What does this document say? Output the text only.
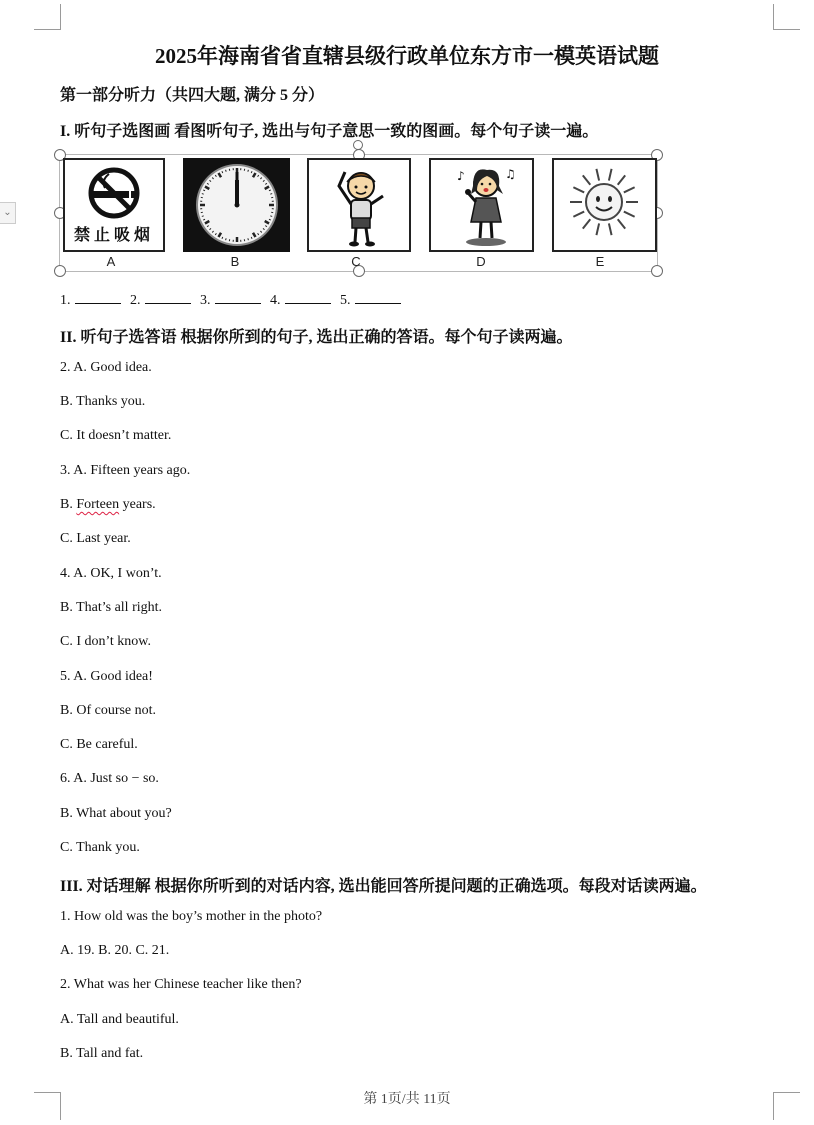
⌄
2025年海南省省直辖县级行政单位东方市一模英语试题
第一部分听力（共四大题, 满分 5 分）
I. 听句子选图画 看图听句子, 选出与句子意思一致的图画。每个句子读一遍。
禁止吸烟
♪	♫
A	B	C	D	E
1.	2.	3.	4.	5.
II. 听句子选答语 根据你所到的句子, 选出正确的答语。每个句子读两遍。
2. A. Good idea.
B. Thanks you.
C. It doesn’t matter.
3. A. Fifteen years ago.
B. Forteen years.
C. Last year.
4. A. OK, I won’t.
B. That’s all right.
C. I don’t know.
5. A. Good idea!
B. Of course not.
C. Be careful.
6. A. Just so − so.
B. What about you?
C. Thank you.
III. 对话理解 根据你所听到的对话内容, 选出能回答所提问题的正确选项。每段对话读两遍。
1. How old was the boy’s mother in the photo?
A. 19. B. 20. C. 21.
2. What was her Chinese teacher like then?
A. Tall and beautiful.
B. Tall and fat.
第 1页/共 11页
